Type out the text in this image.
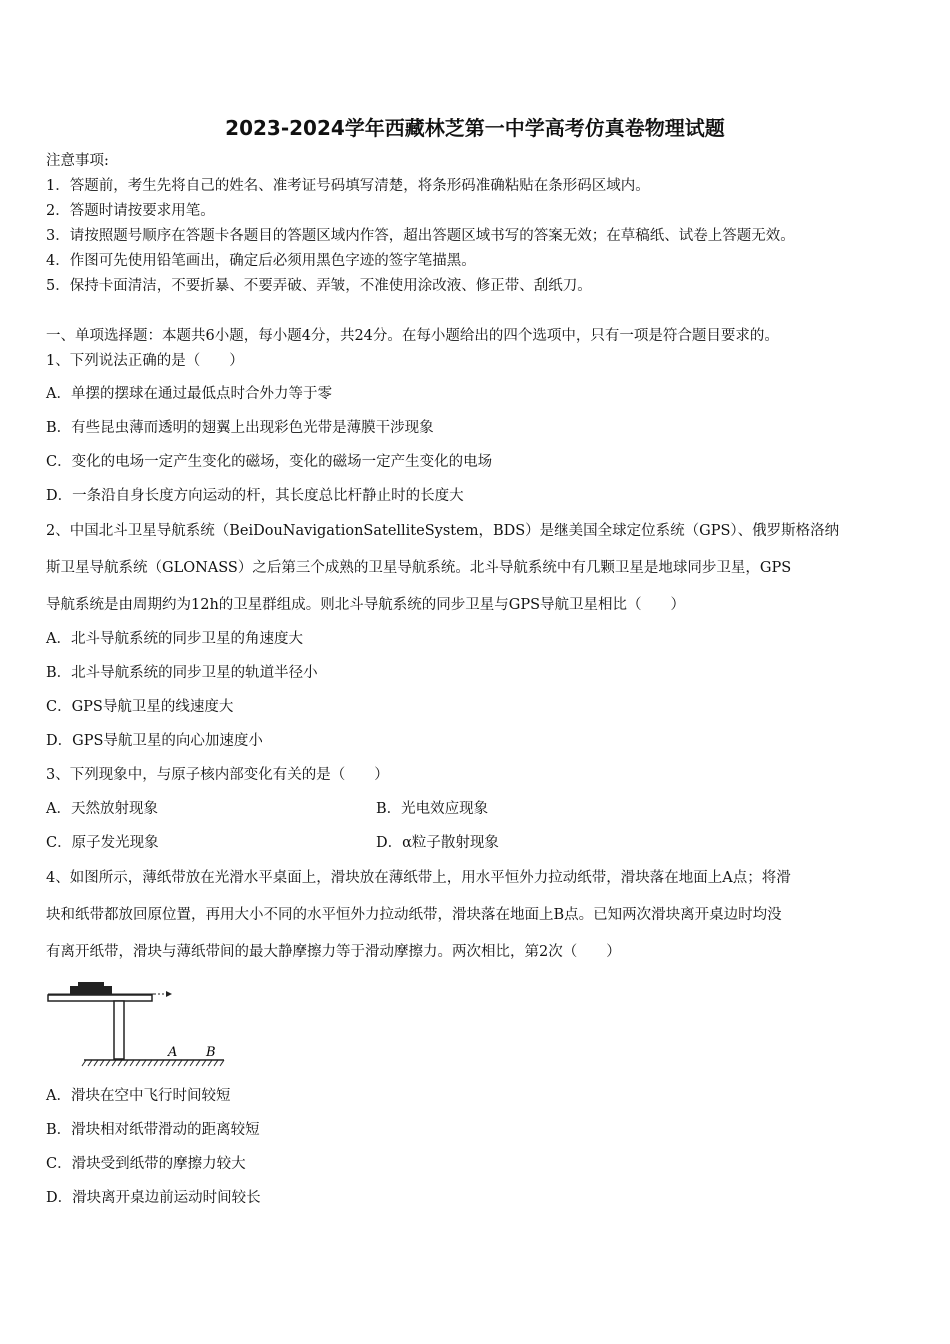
2023-2024学年西藏林芝第一中学高考仿真卷物理试题
注意事项:
1．答题前，考生先将自己的姓名、准考证号码填写清楚，将条形码准确粘贴在条形码区域内。
2．答题时请按要求用笔。
3．请按照题号顺序在答题卡各题目的答题区域内作答，超出答题区域书写的答案无效；在草稿纸、试卷上答题无效。
4．作图可先使用铅笔画出，确定后必须用黑色字迹的签字笔描黑。
5．保持卡面清洁，不要折暴、不要弄破、弄皱，不准使用涂改液、修正带、刮纸刀。
一、单项选择题：本题共6小题，每小题4分，共24分。在每小题给出的四个选项中，只有一项是符合题目要求的。
1、下列说法正确的是（　　）
A．单摆的摆球在通过最低点时合外力等于零
B．有些昆虫薄而透明的翅翼上出现彩色光带是薄膜干涉现象
C．变化的电场一定产生变化的磁场，变化的磁场一定产生变化的电场
D．一条沿自身长度方向运动的杆，其长度总比杆静止时的长度大
2、中国北斗卫星导航系统（BeiDouNavigationSatelliteSystem，BDS）是继美国全球定位系统（GPS）、俄罗斯格洛纳
斯卫星导航系统（GLONASS）之后第三个成熟的卫星导航系统。北斗导航系统中有几颗卫星是地球同步卫星，GPS
导航系统是由周期约为12h的卫星群组成。则北斗导航系统的同步卫星与GPS导航卫星相比（　　）
A．北斗导航系统的同步卫星的角速度大
B．北斗导航系统的同步卫星的轨道半径小
C．GPS导航卫星的线速度大
D．GPS导航卫星的向心加速度小
3、下列现象中，与原子核内部变化有关的是（　　）
A．天然放射现象	B．光电效应现象
C．原子发光现象	D．α粒子散射现象
4、如图所示，薄纸带放在光滑水平桌面上，滑块放在薄纸带上，用水平恒外力拉动纸带，滑块落在地面上A点；将滑
块和纸带都放回原位置，再用大小不同的水平恒外力拉动纸带，滑块落在地面上B点。已知两次滑块离开桌边时均没
有离开纸带，滑块与薄纸带间的最大静摩擦力等于滑动摩擦力。两次相比，第2次（　　）
A B
A．滑块在空中飞行时间较短
B．滑块相对纸带滑动的距离较短
C．滑块受到纸带的摩擦力较大
D．滑块离开桌边前运动时间较长
